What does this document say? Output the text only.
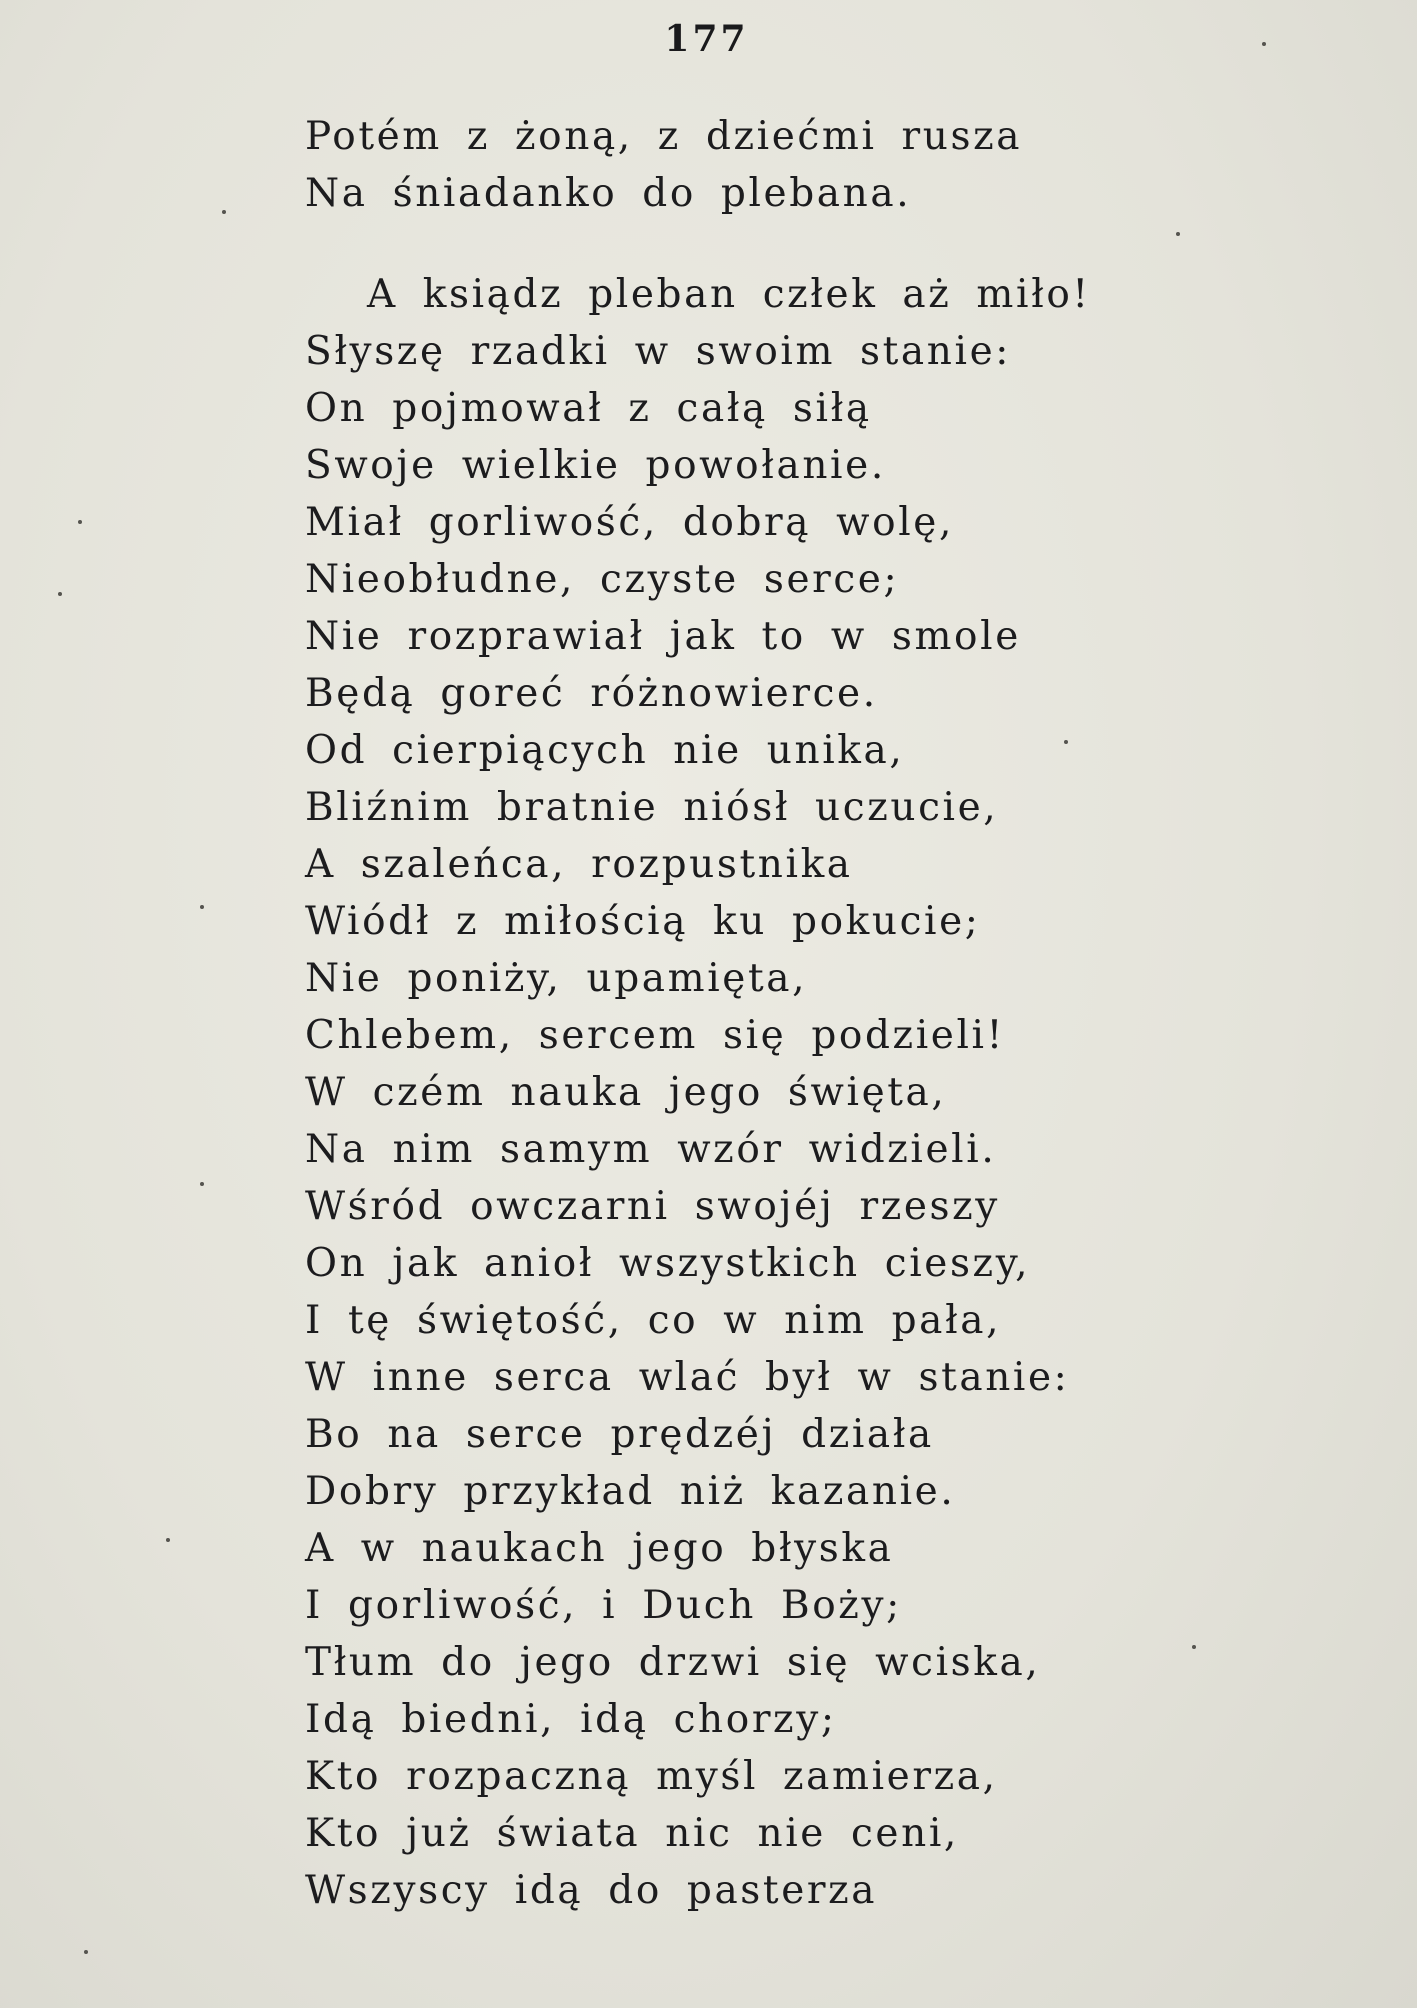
177
Potém z żoną, z dziećmi rusza
Na śniadanko do plebana.
A ksiądz pleban człek aż miło!
Słyszę rzadki w swoim stanie:
On pojmował z całą siłą
Swoje wielkie powołanie.
Miał gorliwość, dobrą wolę,
Nieobłudne, czyste serce;
Nie rozprawiał jak to w smole
Będą goreć różnowierce.
Od cierpiących nie unika,
Bliźnim bratnie niósł uczucie,
A szaleńca, rozpustnika
Wiódł z miłością ku pokucie;
Nie poniży, upamięta,
Chlebem, sercem się podzieli!
W czém nauka jego święta,
Na nim samym wzór widzieli.
Wśród owczarni swojéj rzeszy
On jak anioł wszystkich cieszy,
I tę świętość, co w nim pała,
W inne serca wlać był w stanie:
Bo na serce prędzéj działa
Dobry przykład niż kazanie.
A w naukach jego błyska
I gorliwość, i Duch Boży;
Tłum do jego drzwi się wciska,
Idą biedni, idą chorzy;
Kto rozpaczną myśl zamierza,
Kto już świata nic nie ceni,
Wszyscy idą do pasterza
